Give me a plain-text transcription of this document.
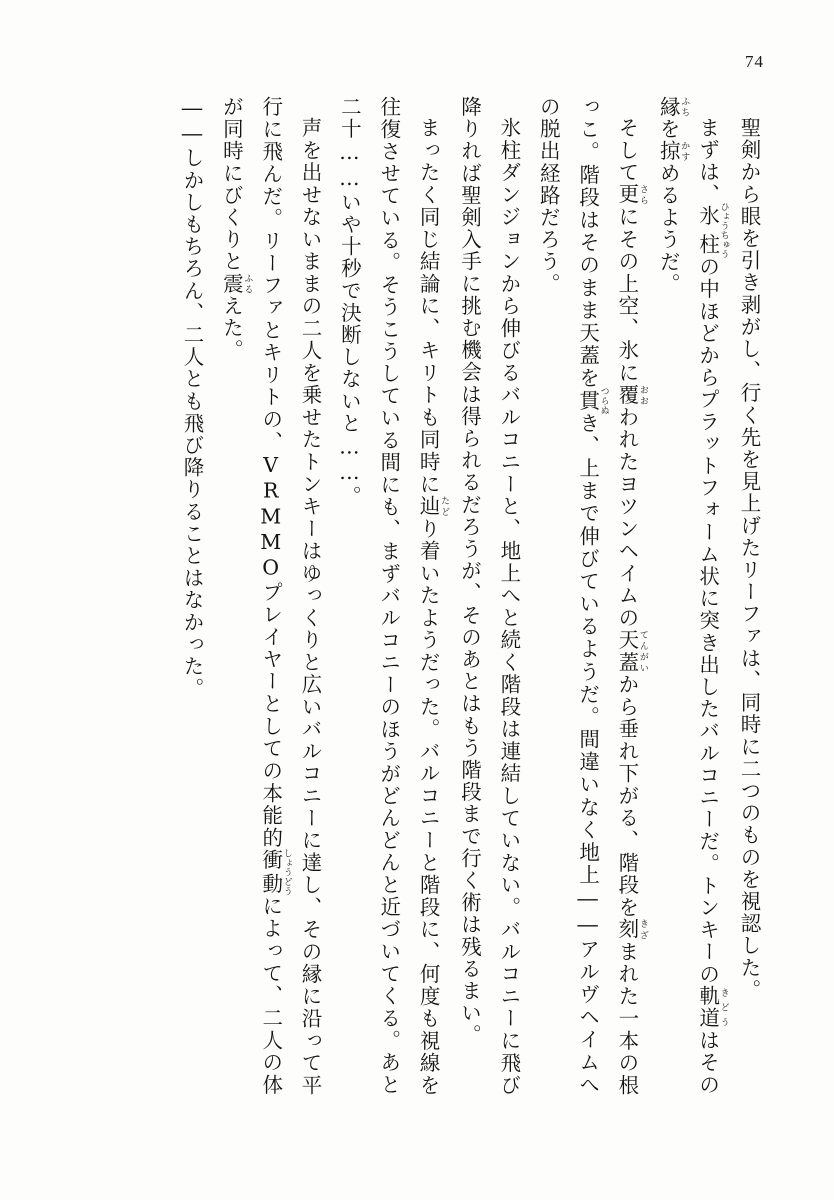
74

聖剣から眼を引き剥がし、行く先を見上げたリーファは、同時に二つのものを視認した。

まずは、氷柱 ひょうちゅうの中ほどからプラットフォーム状に突き出したバルコニーだ。トンキーの軌道 きどうはその縁 ふちを掠 かすめるようだ。

そして更 さらにその上空、氷に覆 おおわれたヨツンヘイムの天蓋 てんがいから垂れ下がる、階段を刻 きざまれた一本の根っこ。階段はそのまま天蓋を貫 つらぬき、上まで伸びているようだ。間違いなく地上――アルヴヘイムへの脱出経路だろう。

氷柱ダンジョンから伸びるバルコニーと、地上へと続く階段は連結していない。バルコニーに飛び降りれば聖剣入手に挑む機会は得られるだろうが、そのあとはもう階段まで行く術は残るまい。

まったく同じ結論に、キリトも同時に辿 たどり着いたようだった。バルコニーと階段に、何度も視線を往復させている。そうこうしている間にも、まずバルコニーのほうがどんどんと近づいてくる。あと二十……いや十秒で決断しないと……。

声を出せないままの二人を乗せたトンキーはゆっくりと広いバルコニーに達し、その縁に沿って平行に飛んだ。リーファとキリトの、VRMMOプレイヤーとしての本能的衝動 しょうどうによって、二人の体が同時にびくりと震 ふるえた。

――しかしもちろん、二人とも飛び降りることはなかった。
